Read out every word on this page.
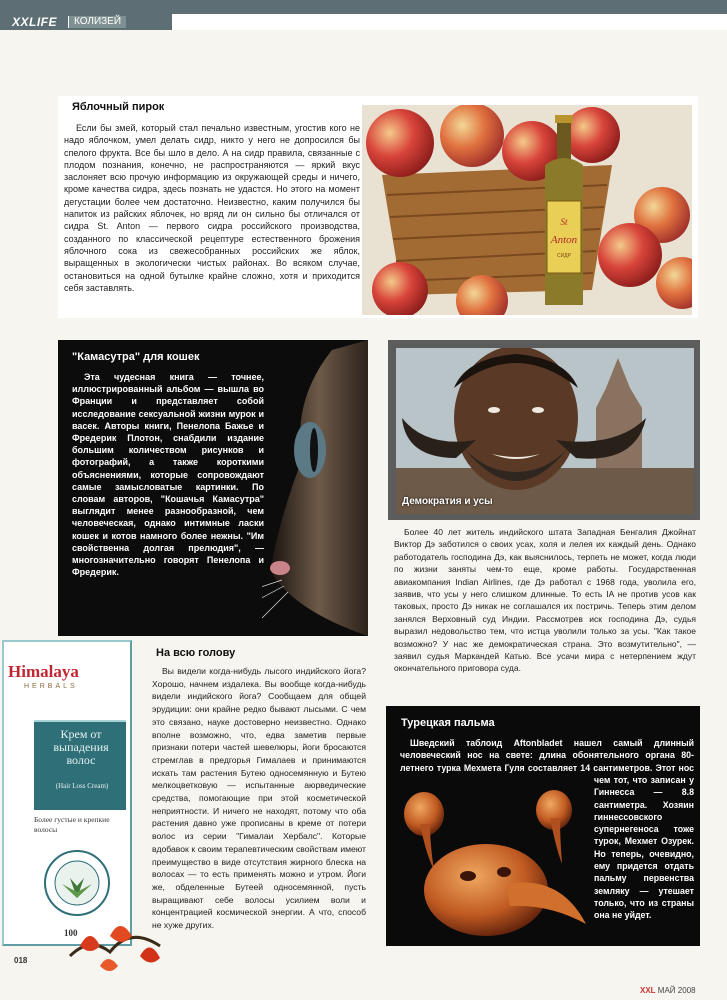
XXLIFE	КОЛИЗЕЙ
Яблочный пирок

Если бы змей, который стал печально известным, угостив кого не надо яблочком, умел делать сидр, никто у него не допросился бы спелого фрукта. Все бы шло в дело. А на сидр правила, связанные с плодом познания, конечно, не распространяются — яркий вкус заслоняет всю прочую информацию из окружающей среды и ничего, кроме качества сидра, здесь познать не удастся. Но этого на момент дегустации более чем достаточно. Неизвестно, каким получился бы напиток из райских яблочек, но вряд ли он сильно бы отличался от сидра St. Anton — первого сидра российского производства, созданного по классической рецептуре естественного брожения яблочного сока из свежесобранных российских же яблок, выращенных в экологически чистых районах. Во всяком случае, остановиться на одной бутылке крайне сложно, хотя и приходится себя заставлять.

St
Anton
СИДР
"Камасутра" для кошек

Эта чудесная книга — точнее, иллюстрированный альбом — вышла во Франции и представляет собой исследование сексуальной жизни мурок и васек. Авторы книги, Пенелопа Бажье и Фредерик Плотон, снабдили издание большим количеством рисунков и фотографий, а также короткими объяснениями, которые сопровождают самые замысловатые картинки. По словам авторов, "Кошачья Камасутра" выглядит менее разнообразной, чем человеческая, однако интимные ласки кошек и котов намного более нежны. "Им свойственна долгая прелюдия", — многозначительно говорят Пенелопа и Фредерик.

Демократия и усы

Более 40 лет житель индийского штата Западная Бенгалия Джойнат Виктор Дэ заботился о своих усах, холя и лелея их каждый день. Однако работодатель господина Дэ, как выяснилось, терпеть не может, когда люди по жизни заняты чем-то еще, кроме работы. Государственная авиакомпания Indian Airlines, где Дэ работал с 1968 года, уволила его, заявив, что усы у него слишком длинные. То есть IA не против усов как таковых, просто Дэ никак не соглашался их постричь. Теперь этим делом занялся Верховный суд Индии. Рассмотрев иск господина Дэ, судья выразил недовольство тем, что истца уволили только за усы. "Как такое возможно? У нас же демократическая страна. Это возмутительно", — заявил судья Маркандей Катью. Все усачи мира с нетерпением ждут окончательного приговора суда.

Himalaya
HERBALS
Крем от выпадения волос
(Hair Loss Cream)
Более густые и крепкие волосы
100
На всю голову

Вы видели когда-нибудь лысого индийского йога? Хорошо, начнем издалека. Вы вообще когда-нибудь видели индийского йога? Сообщаем для общей эрудиции: они крайне редко бывают лысыми. С чем это связано, науке достоверно неизвестно. Однако вполне возможно, что, едва заметив первые признаки потери частей шевелюры, йоги бросаются стремглав в предгорья Гималаев и принимаются искать там растения Бутею односемянную и Бутею мелкоцветковую — испытанные аюрведические средства, помогающие при этой косметической неприятности. И ничего не находят, потому что оба растения давно уже прописаны в креме от потери волос из серии "Гималаи Хербалс". Которые вдобавок к своим терапевтическим свойствам имеют преимущество в виде отсутствия жирного блеска на волосах — то есть применять можно и утром. Йоги же, обделенные Бутеей односемянной, пусть выращивают себе волосы усилием воли и концентрацией космической энергии. А что, способ не хуже других.

Турецкая пальма

Шведский таблоид Aftonbladet нашел самый длинный человеческий нос на свете: длина обонятельного органа 80-летнего турка Мехмета Гуля составляет 14 сантиметров. Этот нос

чем тот, что записан у Гиннесса — 8.8 сантиметра. Хозяин гиннессовского супернегеноса тоже турок, Мехмет Озурек. Но теперь, очевидно, ему придется отдать пальму первенства земляку — утешает только, что из страны она не уйдет.

018
XXL МАЙ 2008
